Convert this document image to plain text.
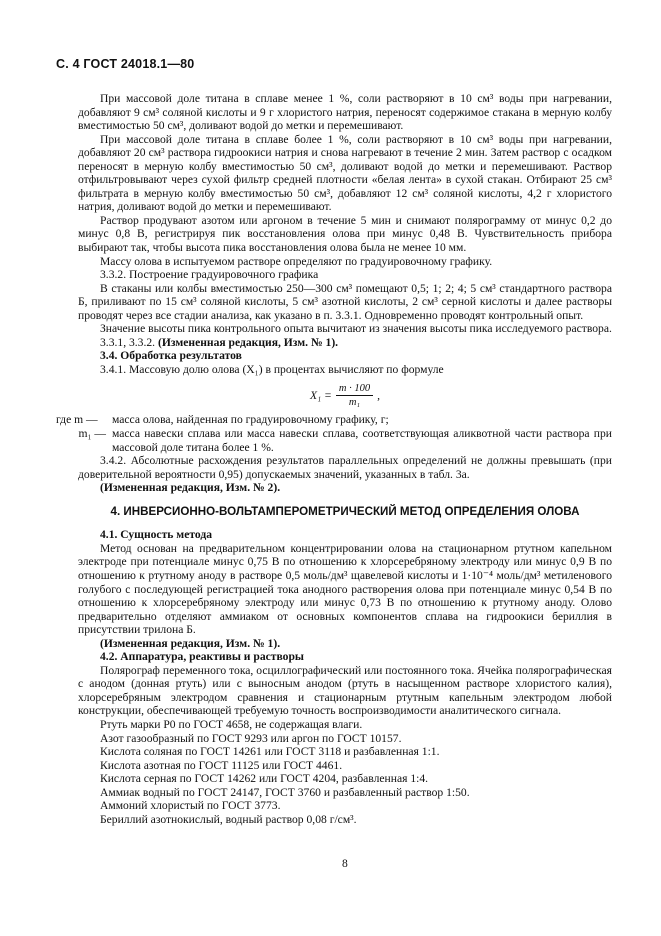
С. 4 ГОСТ 24018.1—80

При массовой доле титана в сплаве менее 1 %, соли растворяют в 10 см³ воды при нагревании, добавляют 9 см³ соляной кислоты и 9 г хлористого натрия, переносят содержимое стакана в мерную колбу вместимостью 50 см³, доливают водой до метки и перемешивают.

При массовой доле титана в сплаве более 1 %, соли растворяют в 10 см³ воды при нагревании, добавляют 20 см³ раствора гидроокиси натрия и снова нагревают в течение 2 мин. Затем раствор с осадком переносят в мерную колбу вместимостью 50 см³, доливают водой до метки и перемешивают. Раствор отфильтровывают через сухой фильтр средней плотности «белая лента» в сухой стакан. Отбирают 25 см³ фильтрата в мерную колбу вместимостью 50 см³, добавляют 12 см³ соляной кислоты, 4,2 г хлористого натрия, доливают водой до метки и перемешивают.

Раствор продувают азотом или аргоном в течение 5 мин и снимают полярограмму от минус 0,2 до минус 0,8 В, регистрируя пик восстановления олова при минус 0,48 В. Чувствительность прибора выбирают так, чтобы высота пика восстановления олова была не менее 10 мм.

Массу олова в испытуемом растворе определяют по градуировочному графику.

3.3.2. Построение градуировочного графика

В стаканы или колбы вместимостью 250—300 см³ помещают 0,5; 1; 2; 4; 5 см³ стандартного раствора Б, приливают по 15 см³ соляной кислоты, 5 см³ азотной кислоты, 2 см³ серной кислоты и далее растворы проводят через все стадии анализа, как указано в п. 3.3.1. Одновременно проводят контрольный опыт.

Значение высоты пика контрольного опыта вычитают из значения высоты пика исследуемого раствора.

3.3.1, 3.3.2. (Измененная редакция, Изм. № 1).

3.4. Обработка результатов

3.4.1. Массовую долю олова (X₁) в процентах вычисляют по формуле

$X_1 = \frac{m \cdot 100}{\text{m₁}}$ ,
где m —	масса олова, найденная по градуировочному графику, г;
m₁ — масса навески сплава или масса навески сплава, соответствующая аликвотной части раствора при массовой доле титана более 1 %.

3.4.2. Абсолютные расхождения результатов параллельных определений не должны превышать (при доверительной вероятности 0,95) допускаемых значений, указанных в табл. 3а.

(Измененная редакция, Изм. № 2).

4. ИНВЕРСИОННО-ВОЛЬТАМПЕРОМЕТРИЧЕСКИЙ МЕТОД ОПРЕДЕЛЕНИЯ ОЛОВА

4.1. Сущность метода

Метод основан на предварительном концентрировании олова на стационарном ртутном капельном электроде при потенциале минус 0,75 В по отношению к хлорсеребряному электроду или минус 0,9 В по отношению к ртутному аноду в растворе 0,5 моль/дм³ щавелевой кислоты и 1·10⁻⁴ моль/дм³ метиленового голубого с последующей регистрацией тока анодного растворения олова при потенциале минус 0,54 В по отношению к хлорсеребряному электроду или минус 0,73 В по отношению к ртутному аноду. Олово предварительно отделяют аммиаком от основных компонентов сплава на гидроокиси бериллия в присутствии трилона Б.

(Измененная редакция, Изм. № 1).

4.2. Аппаратура, реактивы и растворы

Полярограф переменного тока, осциллографический или постоянного тока. Ячейка полярографическая с анодом (донная ртуть) или с выносным анодом (ртуть в насыщенном растворе хлористого калия), хлорсеребряным электродом сравнения и стационарным ртутным капельным электродом любой конструкции, обеспечивающей требуемую точность воспроизводимости аналитического сигнала.

Ртуть марки Р0 по ГОСТ 4658, не содержащая влаги.

Азот газообразный по ГОСТ 9293 или аргон по ГОСТ 10157.

Кислота соляная по ГОСТ 14261 или ГОСТ 3118 и разбавленная 1:1.

Кислота азотная по ГОСТ 11125 или ГОСТ 4461.

Кислота серная по ГОСТ 14262 или ГОСТ 4204, разбавленная 1:4.

Аммиак водный по ГОСТ 24147, ГОСТ 3760 и разбавленный раствор 1:50.

Аммоний хлористый по ГОСТ 3773.

Бериллий азотнокислый, водный раствор 0,08 г/см³.

8
